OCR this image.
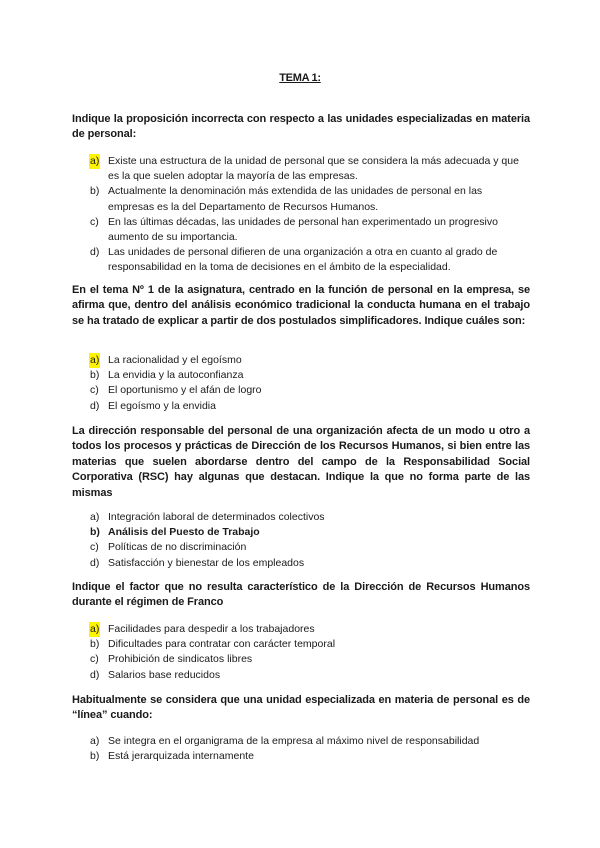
TEMA 1:
Indique la proposición incorrecta con respecto a las unidades especializadas en materia de personal:
a) Existe una estructura de la unidad de personal que se considera la más adecuada y que es la que suelen adoptar la mayoría de las empresas.
b) Actualmente la denominación más extendida de las unidades de personal en las empresas es la del Departamento de Recursos Humanos.
c) En las últimas décadas, las unidades de personal han experimentado un progresivo aumento de su importancia.
d) Las unidades de personal difieren de una organización a otra en cuanto al grado de responsabilidad en la toma de decisiones en el ámbito de la especialidad.
En el tema Nº 1 de la asignatura, centrado en la función de personal en la empresa, se afirma que, dentro del análisis económico tradicional la conducta humana en el trabajo se ha tratado de explicar a partir de dos postulados simplificadores. Indique cuáles son:
a) La racionalidad y el egoísmo
b) La envidia y la autoconfianza
c) El oportunismo y el afán de logro
d) El egoísmo y la envidia
La dirección responsable del personal de una organización afecta de un modo u otro a todos los procesos y prácticas de Dirección de los Recursos Humanos, si bien entre las materias que suelen abordarse dentro del campo de la Responsabilidad Social Corporativa (RSC) hay algunas que destacan. Indique la que no forma parte de las mismas
a) Integración laboral de determinados colectivos
b) Análisis del Puesto de Trabajo
c) Políticas de no discriminación
d) Satisfacción y bienestar de los empleados
Indique el factor que no resulta característico de la Dirección de Recursos Humanos durante el régimen de Franco
a) Facilidades para despedir a los trabajadores
b) Dificultades para contratar con carácter temporal
c) Prohibición de sindicatos libres
d) Salarios base reducidos
Habitualmente se considera que una unidad especializada en materia de personal es de “línea” cuando:
a) Se integra en el organigrama de la empresa al máximo nivel de responsabilidad
b) Está jerarquizada internamente
